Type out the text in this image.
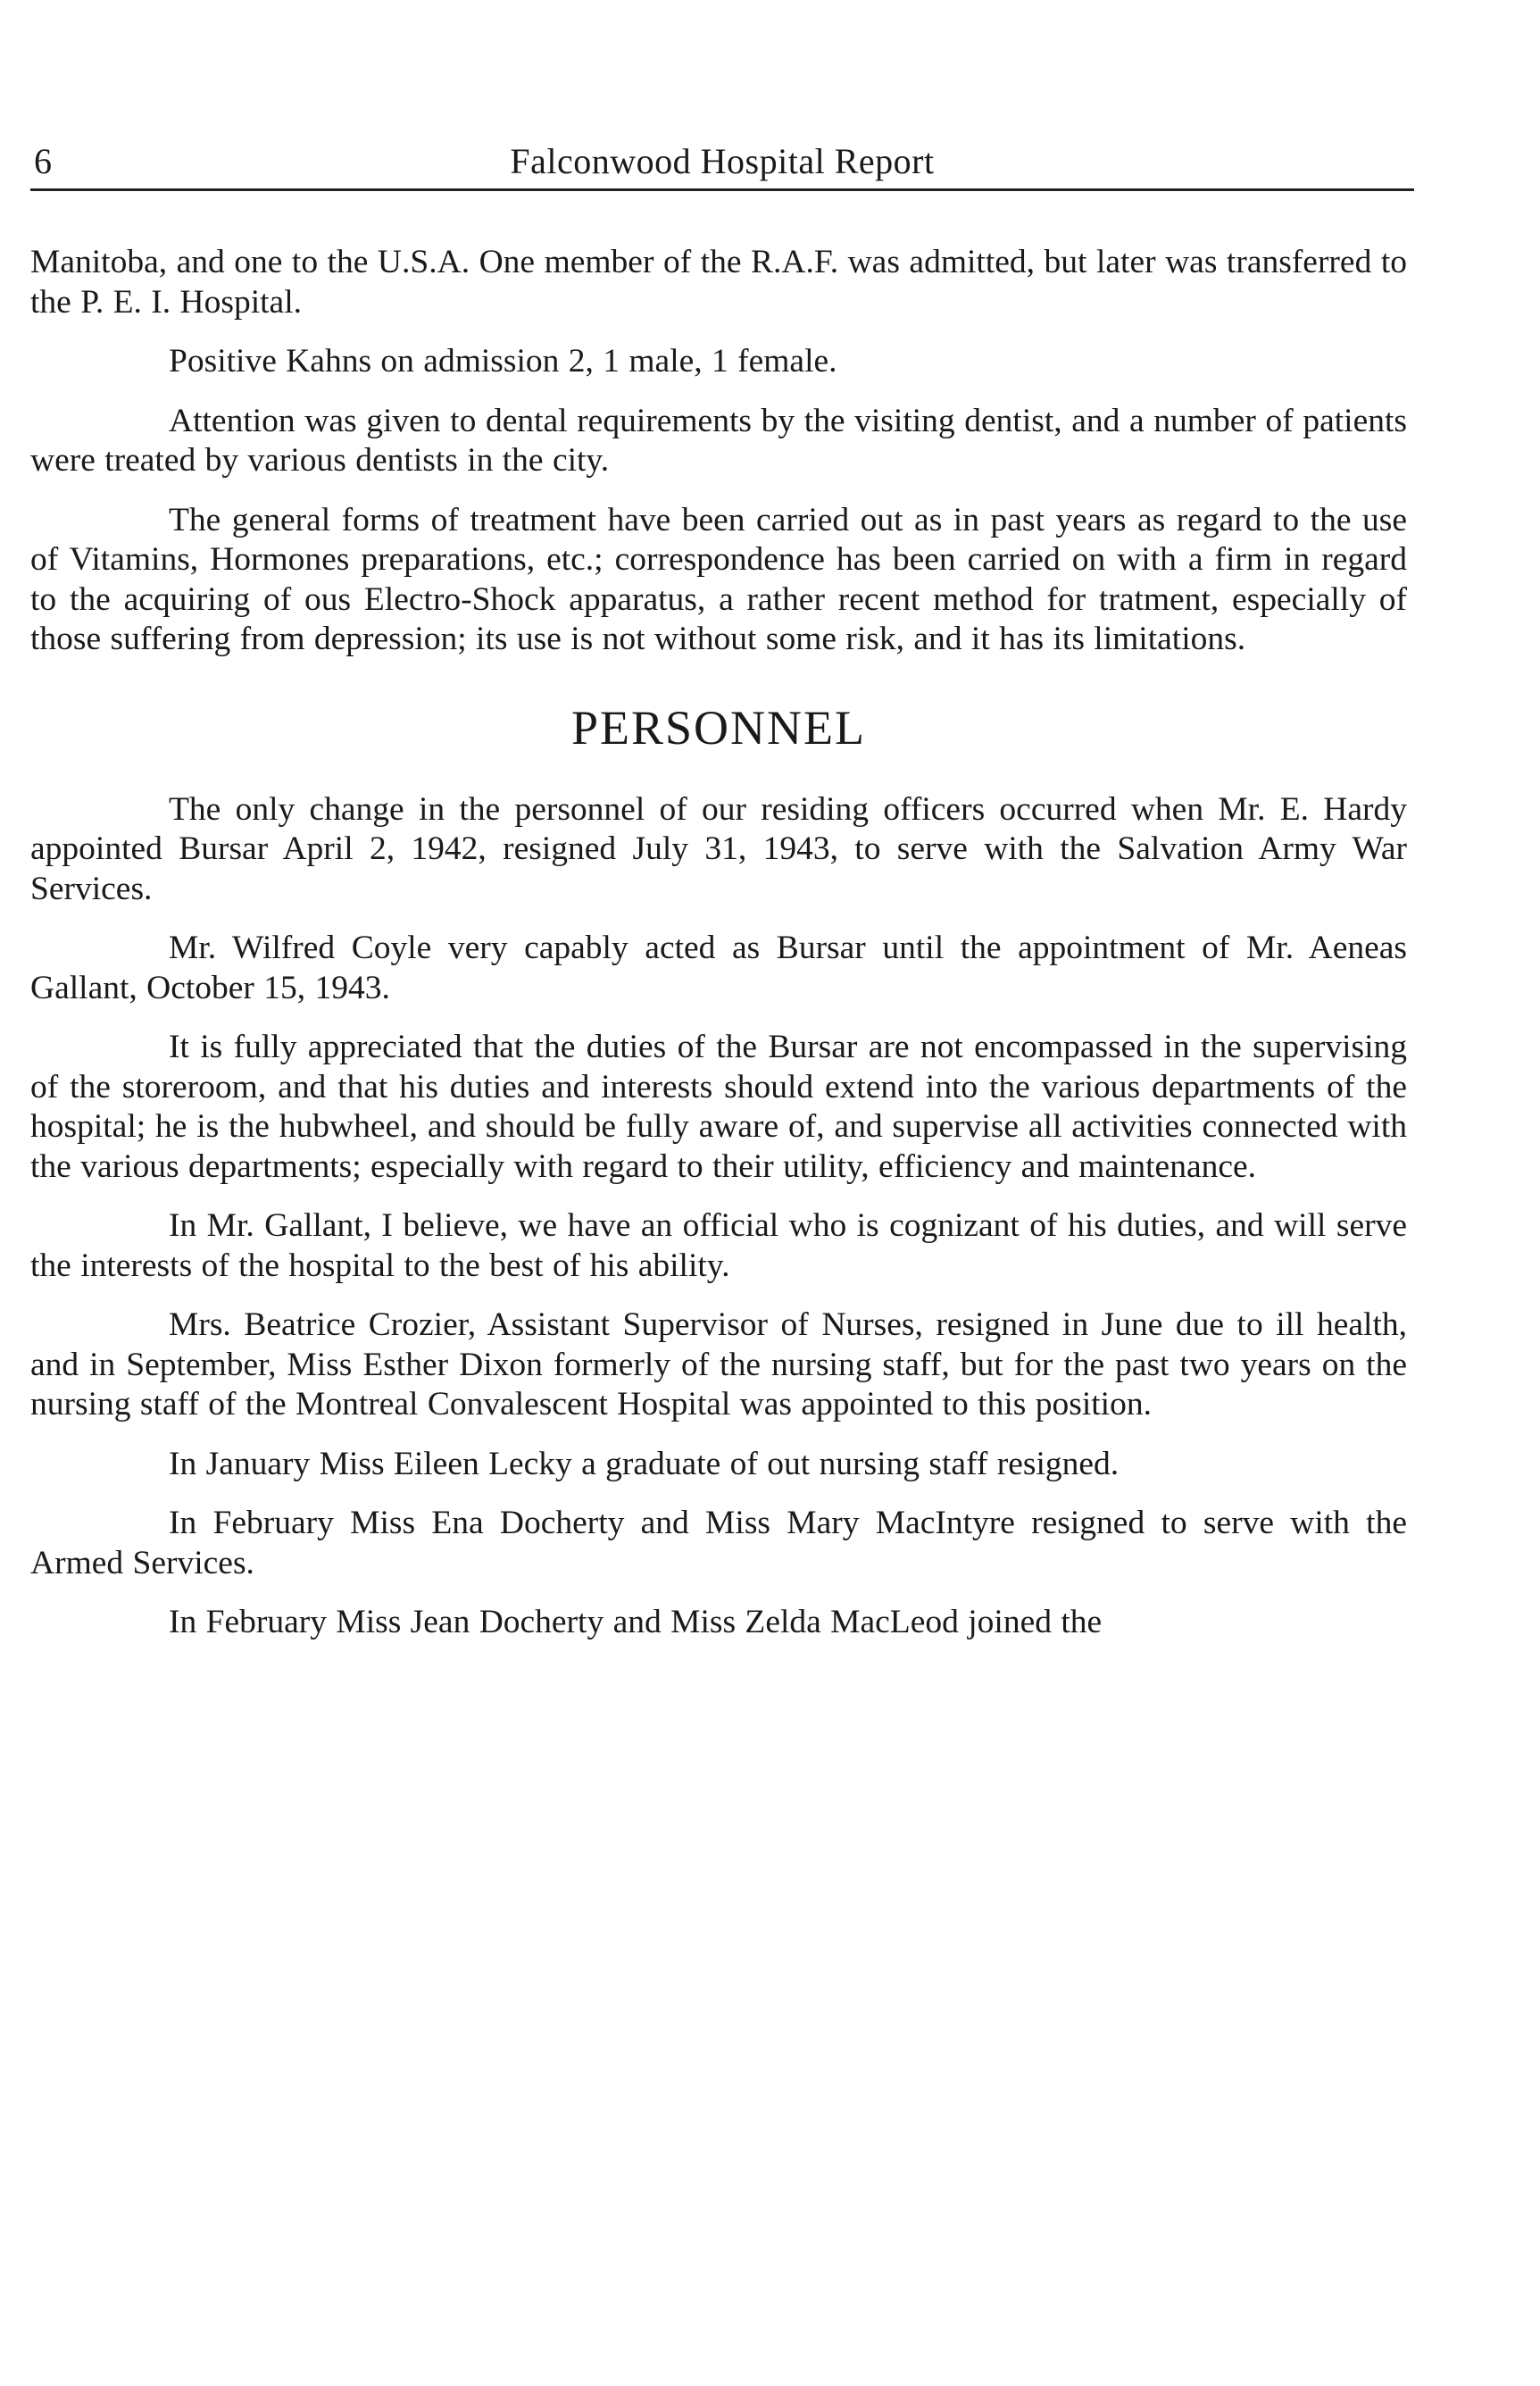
6	Falconwood Hospital Report

Manitoba, and one to the U.S.A. One member of the R.A.F. was admitted, but later was transferred to the P. E. I. Hospital.

Positive Kahns on admission 2, 1 male, 1 female.

Attention was given to dental requirements by the visiting dentist, and a number of patients were treated by various dentists in the city.

The general forms of treatment have been carried out as in past years as regard to the use of Vitamins, Hormones preparations, etc.; correspondence has been carried on with a firm in regard to the acquiring of ous Electro-Shock apparatus, a rather recent method for tratment, especially of those suffering from depression; its use is not without some risk, and it has its limitations.

PERSONNEL

The only change in the personnel of our residing officers occurred when Mr. E. Hardy appointed Bursar April 2, 1942, resigned July 31, 1943, to serve with the Salvation Army War Services.

Mr. Wilfred Coyle very capably acted as Bursar until the appointment of Mr. Aeneas Gallant, October 15, 1943.

It is fully appreciated that the duties of the Bursar are not encompassed in the supervising of the storeroom, and that his duties and interests should extend into the various departments of the hospital; he is the hubwheel, and should be fully aware of, and supervise all activities connected with the various departments; especially with regard to their utility, efficiency and maintenance.

In Mr. Gallant, I believe, we have an official who is cognizant of his duties, and will serve the interests of the hospital to the best of his ability.

Mrs. Beatrice Crozier, Assistant Supervisor of Nurses, resigned in June due to ill health, and in September, Miss Esther Dixon formerly of the nursing staff, but for the past two years on the nursing staff of the Montreal Convalescent Hospital was appointed to this position.

In January Miss Eileen Lecky a graduate of out nursing staff resigned.

In February Miss Ena Docherty and Miss Mary MacIntyre resigned to serve with the Armed Services.

In February Miss Jean Docherty and Miss Zelda MacLeod joined the
